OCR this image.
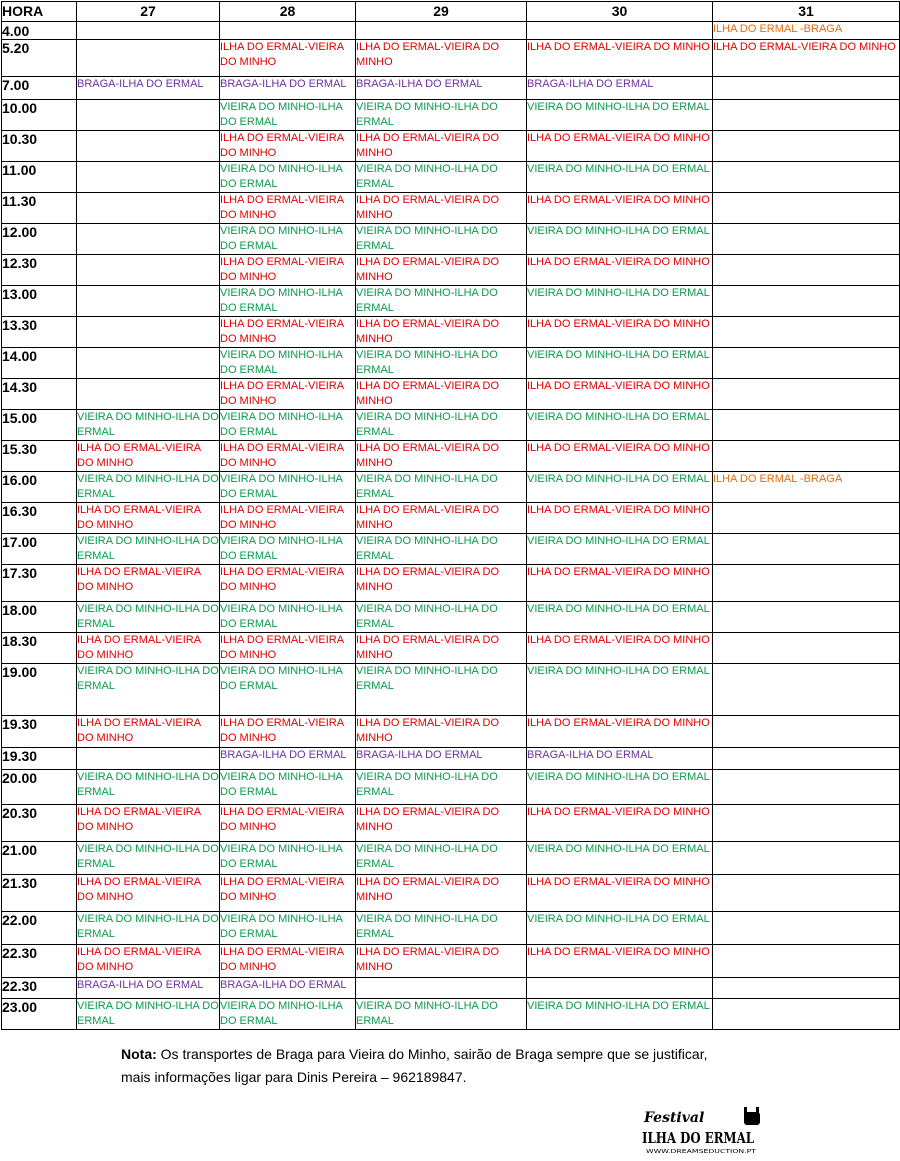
HORA	27	28	29	30	31
4.00					ILHA DO ERMAL -BRAGA
5.20		ILHA DO ERMAL-VIEIRA DO MINHO	ILHA DO ERMAL-VIEIRA DO MINHO	ILHA DO ERMAL-VIEIRA DO MINHO	ILHA DO ERMAL-VIEIRA DO MINHO
7.00	BRAGA-ILHA DO ERMAL	BRAGA-ILHA DO ERMAL	BRAGA-ILHA DO ERMAL	BRAGA-ILHA DO ERMAL	
10.00		VIEIRA DO MINHO-ILHA DO ERMAL	VIEIRA DO MINHO-ILHA DO ERMAL	VIEIRA DO MINHO-ILHA DO ERMAL	
10.30		ILHA DO ERMAL-VIEIRA DO MINHO	ILHA DO ERMAL-VIEIRA DO MINHO	ILHA DO ERMAL-VIEIRA DO MINHO	
11.00		VIEIRA DO MINHO-ILHA DO ERMAL	VIEIRA DO MINHO-ILHA DO ERMAL	VIEIRA DO MINHO-ILHA DO ERMAL	
11.30		ILHA DO ERMAL-VIEIRA DO MINHO	ILHA DO ERMAL-VIEIRA DO MINHO	ILHA DO ERMAL-VIEIRA DO MINHO	
12.00		VIEIRA DO MINHO-ILHA DO ERMAL	VIEIRA DO MINHO-ILHA DO ERMAL	VIEIRA DO MINHO-ILHA DO ERMAL	
12.30		ILHA DO ERMAL-VIEIRA DO MINHO	ILHA DO ERMAL-VIEIRA DO MINHO	ILHA DO ERMAL-VIEIRA DO MINHO	
13.00		VIEIRA DO MINHO-ILHA DO ERMAL	VIEIRA DO MINHO-ILHA DO ERMAL	VIEIRA DO MINHO-ILHA DO ERMAL	
13.30		ILHA DO ERMAL-VIEIRA DO MINHO	ILHA DO ERMAL-VIEIRA DO MINHO	ILHA DO ERMAL-VIEIRA DO MINHO	
14.00		VIEIRA DO MINHO-ILHA DO ERMAL	VIEIRA DO MINHO-ILHA DO ERMAL	VIEIRA DO MINHO-ILHA DO ERMAL	
14.30		ILHA DO ERMAL-VIEIRA DO MINHO	ILHA DO ERMAL-VIEIRA DO MINHO	ILHA DO ERMAL-VIEIRA DO MINHO	
15.00	VIEIRA DO MINHO-ILHA DO ERMAL	VIEIRA DO MINHO-ILHA DO ERMAL	VIEIRA DO MINHO-ILHA DO ERMAL	VIEIRA DO MINHO-ILHA DO ERMAL	
15.30	ILHA DO ERMAL-VIEIRA DO MINHO	ILHA DO ERMAL-VIEIRA DO MINHO	ILHA DO ERMAL-VIEIRA DO MINHO	ILHA DO ERMAL-VIEIRA DO MINHO	
16.00	VIEIRA DO MINHO-ILHA DO ERMAL	VIEIRA DO MINHO-ILHA DO ERMAL	VIEIRA DO MINHO-ILHA DO ERMAL	VIEIRA DO MINHO-ILHA DO ERMAL	ILHA DO ERMAL -BRAGA
16.30	ILHA DO ERMAL-VIEIRA DO MINHO	ILHA DO ERMAL-VIEIRA DO MINHO	ILHA DO ERMAL-VIEIRA DO MINHO	ILHA DO ERMAL-VIEIRA DO MINHO	
17.00	VIEIRA DO MINHO-ILHA DO ERMAL	VIEIRA DO MINHO-ILHA DO ERMAL	VIEIRA DO MINHO-ILHA DO ERMAL	VIEIRA DO MINHO-ILHA DO ERMAL	
17.30	ILHA DO ERMAL-VIEIRA DO MINHO	ILHA DO ERMAL-VIEIRA DO MINHO	ILHA DO ERMAL-VIEIRA DO MINHO	ILHA DO ERMAL-VIEIRA DO MINHO	
18.00	VIEIRA DO MINHO-ILHA DO ERMAL	VIEIRA DO MINHO-ILHA DO ERMAL	VIEIRA DO MINHO-ILHA DO ERMAL	VIEIRA DO MINHO-ILHA DO ERMAL	
18.30	ILHA DO ERMAL-VIEIRA DO MINHO	ILHA DO ERMAL-VIEIRA DO MINHO	ILHA DO ERMAL-VIEIRA DO MINHO	ILHA DO ERMAL-VIEIRA DO MINHO	
19.00	VIEIRA DO MINHO-ILHA DO ERMAL	VIEIRA DO MINHO-ILHA DO ERMAL	VIEIRA DO MINHO-ILHA DO ERMAL	VIEIRA DO MINHO-ILHA DO ERMAL	
19.30	ILHA DO ERMAL-VIEIRA DO MINHO	ILHA DO ERMAL-VIEIRA DO MINHO	ILHA DO ERMAL-VIEIRA DO MINHO	ILHA DO ERMAL-VIEIRA DO MINHO	
19.30		BRAGA-ILHA DO ERMAL	BRAGA-ILHA DO ERMAL	BRAGA-ILHA DO ERMAL	
20.00	VIEIRA DO MINHO-ILHA DO ERMAL	VIEIRA DO MINHO-ILHA DO ERMAL	VIEIRA DO MINHO-ILHA DO ERMAL	VIEIRA DO MINHO-ILHA DO ERMAL	
20.30	ILHA DO ERMAL-VIEIRA DO MINHO	ILHA DO ERMAL-VIEIRA DO MINHO	ILHA DO ERMAL-VIEIRA DO MINHO	ILHA DO ERMAL-VIEIRA DO MINHO	
21.00	VIEIRA DO MINHO-ILHA DO ERMAL	VIEIRA DO MINHO-ILHA DO ERMAL	VIEIRA DO MINHO-ILHA DO ERMAL	VIEIRA DO MINHO-ILHA DO ERMAL	
21.30	ILHA DO ERMAL-VIEIRA DO MINHO	ILHA DO ERMAL-VIEIRA DO MINHO	ILHA DO ERMAL-VIEIRA DO MINHO	ILHA DO ERMAL-VIEIRA DO MINHO	
22.00	VIEIRA DO MINHO-ILHA DO ERMAL	VIEIRA DO MINHO-ILHA DO ERMAL	VIEIRA DO MINHO-ILHA DO ERMAL	VIEIRA DO MINHO-ILHA DO ERMAL	
22.30	ILHA DO ERMAL-VIEIRA DO MINHO	ILHA DO ERMAL-VIEIRA DO MINHO	ILHA DO ERMAL-VIEIRA DO MINHO	ILHA DO ERMAL-VIEIRA DO MINHO	
22.30	BRAGA-ILHA DO ERMAL	BRAGA-ILHA DO ERMAL			
23.00	VIEIRA DO MINHO-ILHA DO ERMAL	VIEIRA DO MINHO-ILHA DO ERMAL	VIEIRA DO MINHO-ILHA DO ERMAL	VIEIRA DO MINHO-ILHA DO ERMAL	
Nota: Os transportes de Braga para Vieira do Minho, sairão de Braga sempre que se justificar,
mais informações ligar para Dinis Pereira – 962189847.
Festival
ILHA DO ERMAL
WWW.DREAMSEDUCTION.PT
